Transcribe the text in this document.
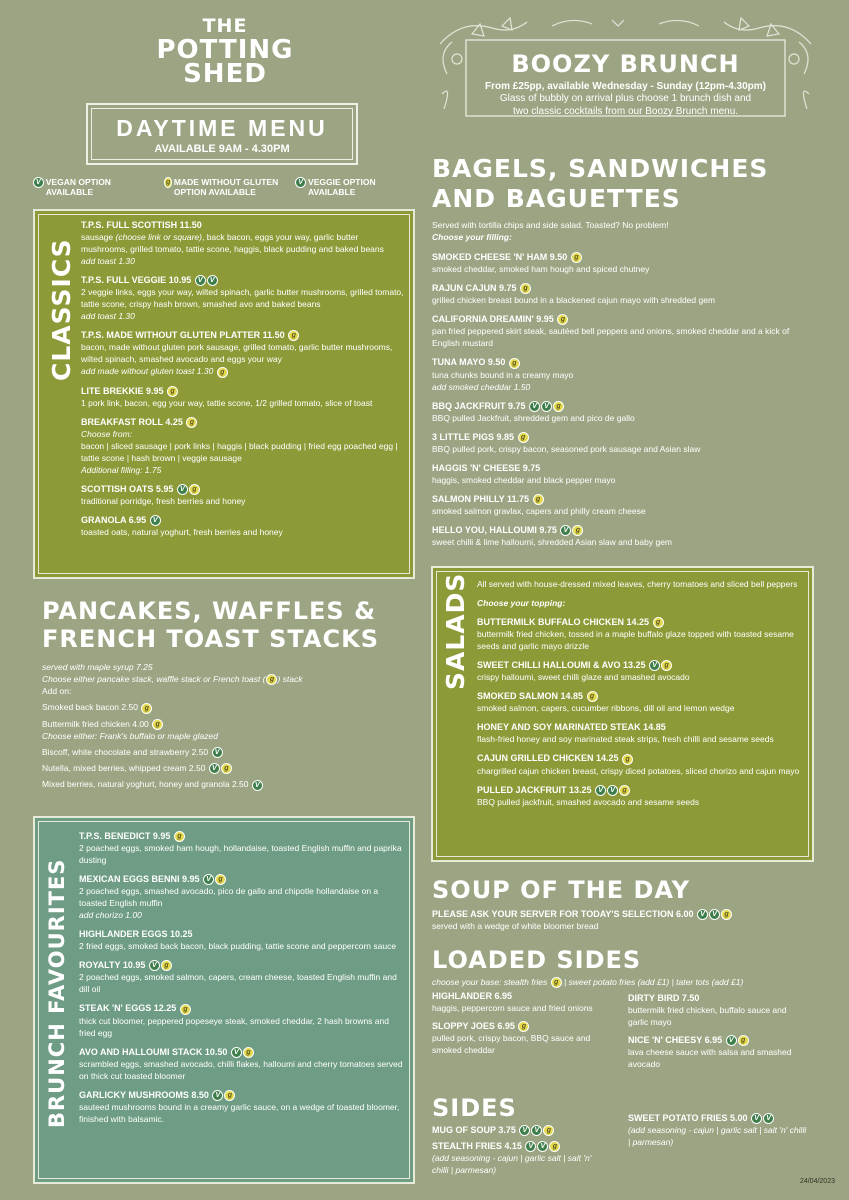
THE
POTTING
SHED
DAYTIME MENU
AVAILABLE 9AM - 4.30PM
V VEGAN OPTION AVAILABLE
g MADE WITHOUT GLUTEN OPTION AVAILABLE
V VEGGIE OPTION AVAILABLE
BOOZY BRUNCH
From £25pp, available Wednesday - Sunday (12pm-4.30pm)
Glass of bubbly on arrival plus choose 1 brunch dish and
two classic cocktails from our Boozy Brunch menu.
CLASSICS
T.P.S. FULL SCOTTISH 11.50
sausage (choose link or square), back bacon, eggs your way, garlic butter mushrooms, grilled tomato, tattie scone, haggis, black pudding and baked beans
add toast 1.30
T.P.S. FULL VEGGIE 10.95 V V
2 veggie links, eggs your way, wilted spinach, garlic butter mushrooms, grilled tomato, tattie scone, crispy hash brown, smashed avo and baked beans
add toast 1.30
T.P.S. MADE WITHOUT GLUTEN PLATTER 11.50 g
bacon, made without gluten pork sausage, grilled tomato, garlic butter mushrooms, wilted spinach, smashed avocado and eggs your way
add made without gluten toast 1.30 g
LITE BREKKIE 9.95 g
1 pork link, bacon, egg your way, tattie scone, 1/2 grilled tomato, slice of toast
BREAKFAST ROLL 4.25 g
Choose from:
bacon | sliced sausage | pork links | haggis | black pudding | fried egg poached egg | tattie scone | hash brown | veggie sausage
Additional filling: 1.75
SCOTTISH OATS 5.95 V g
traditional porridge, fresh berries and honey
GRANOLA 6.95 V
toasted oats, natural yoghurt, fresh berries and honey
PANCAKES, WAFFLES &
FRENCH TOAST STACKS
served with maple syrup 7.25
Choose either pancake stack, waffle stack or French toast ( g ) stack
Add on:
Smoked back bacon 2.50 g
Buttermilk fried chicken 4.00 g
Choose either: Frank's buffalo or maple glazed
Biscoff, white chocolate and strawberry 2.50 V
Nutella, mixed berries, whipped cream 2.50 V g
Mixed berries, natural yoghurt, honey and granola 2.50 V
BRUNCH FAVOURITES
T.P.S. BENEDICT 9.95 g
2 poached eggs, smoked ham hough, hollandaise, toasted English muffin and paprika dusting
MEXICAN EGGS BENNI 9.95 V g
2 poached eggs, smashed avocado, pico de gallo and chipotle hollandaise on a toasted English muffin
add chorizo 1.00
HIGHLANDER EGGS 10.25
2 fried eggs, smoked back bacon, black pudding, tattie scone and peppercorn sauce
ROYALTY 10.95 V g
2 poached eggs, smoked salmon, capers, cream cheese, toasted English muffin and dill oil
STEAK 'N' EGGS 12.25 g
thick cut bloomer, peppered popeseye steak, smoked cheddar, 2 hash browns and fried egg
AVO AND HALLOUMI STACK 10.50 V g
scrambled eggs, smashed avocado, chilli flakes, halloumi and cherry tomatoes served on thick cut toasted bloomer
GARLICKY MUSHROOMS 8.50 V g
sauteed mushrooms bound in a creamy garlic sauce, on a wedge of toasted bloomer, finished with balsamic.
BAGELS, SANDWICHES
AND BAGUETTES
Served with tortilla chips and side salad. Toasted? No problem!
Choose your filling:
SMOKED CHEESE 'N' HAM 9.50 g
smoked cheddar, smoked ham hough and spiced chutney
RAJUN CAJUN 9.75 g
grilled chicken breast bound in a blackened cajun mayo with shredded gem
CALIFORNIA DREAMIN' 9.95 g
pan fried peppered skirt steak, sautéed bell peppers and onions, smoked cheddar and a kick of English mustard
TUNA MAYO 9.50 g
tuna chunks bound in a creamy mayo
add smoked cheddar 1.50
BBQ JACKFRUIT 9.75 V V g
BBQ pulled Jackfruit, shredded gem and pico de gallo
3 LITTLE PIGS 9.85 g
BBQ pulled pork, crispy bacon, seasoned pork sausage and Asian slaw
HAGGIS 'N' CHEESE 9.75
haggis, smoked cheddar and black pepper mayo
SALMON PHILLY 11.75 g
smoked salmon gravlax, capers and philly cream cheese
HELLO YOU, HALLOUMI 9.75 V g
sweet chilli & lime halloumi, shredded Asian slaw and baby gem
SALADS All served with house-dressed mixed leaves, cherry tomatoes and sliced bell peppers
Choose your topping:
BUTTERMILK BUFFALO CHICKEN 14.25 g
buttermilk fried chicken, tossed in a maple buffalo glaze topped with toasted sesame seeds and garlic mayo drizzle
SWEET CHILLI HALLOUMI & AVO 13.25 V g
crispy halloumi, sweet chilli glaze and smashed avocado
SMOKED SALMON 14.85 g
smoked salmon, capers, cucumber ribbons, dill oil and lemon wedge
HONEY AND SOY MARINATED STEAK 14.85
flash-fried honey and soy marinated steak strips, fresh chilli and sesame seeds
CAJUN GRILLED CHICKEN 14.25 g
chargrilled cajun chicken breast, crispy diced potatoes, sliced chorizo and cajun mayo
PULLED JACKFRUIT 13.25 V V g
BBQ pulled jackfruit, smashed avocado and sesame seeds
SOUP OF THE DAY
PLEASE ASK YOUR SERVER FOR TODAY'S SELECTION 6.00 V V g
served with a wedge of white bloomer bread
LOADED SIDES
choose your base: stealth fries g | sweet potato fries (add £1) | tater tots (add £1)
HIGHLANDER 6.95
haggis, peppercorn sauce and fried onions
SLOPPY JOES 6.95 g
pulled pork, crispy bacon, BBQ sauce and smoked cheddar
DIRTY BIRD 7.50
buttermilk fried chicken, buffalo sauce and garlic mayo
NICE 'N' CHEESY 6.95 V g
lava cheese sauce with salsa and smashed avocado
SIDES
MUG OF SOUP 3.75 V V g
STEALTH FRIES 4.15 V V g
(add seasoning - cajun | garlic salt | salt 'n' chilli | parmesan)
SWEET POTATO FRIES 5.00 V V
(add seasoning - cajun | garlic salt | salt 'n' chilli | parmesan)
24/04/2023
